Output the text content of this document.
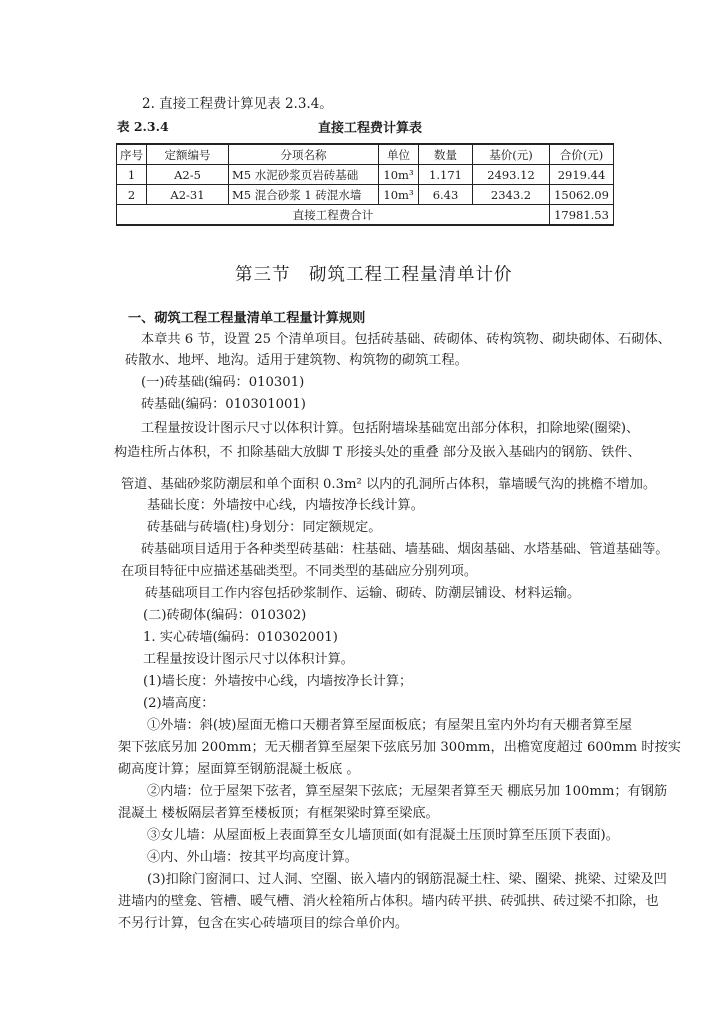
2. 直接工程费计算见表 2.3.4。
表 2.3.4	直接工程费计算表
序号	定额编号	分项名称	单位	数量	基价(元)	合价(元)
1	A2-5	M5 水泥砂浆页岩砖基础	10m³	1.171	2493.12	2919.44
2	A2-31	M5 混合砂浆 1 砖混水墙	10m³	6.43	2343.2	15062.09
直接工程费合计						17981.53
第三节　砌筑工程工程量清单计价
一、砌筑工程工程量清单工程量计算规则
本章共 6 节，设置 25 个清单项目。包括砖基础、砖砌体、砖构筑物、砌块砌体、石砌体、
砖散水、地坪、地沟。适用于建筑物、构筑物的砌筑工程。
(一)砖基础(编码：010301)
砖基础(编码：010301001)
工程量按设计图示尺寸以体积计算。包括附墙垛基础宽出部分体积，扣除地梁(圈梁)、
构造柱所占体积，不 扣除基础大放脚 T 形接头处的重叠 部分及嵌入基础内的钢筋、铁件、
管道、基础砂浆防潮层和单个面积 0.3m² 以内的孔洞所占体积，靠墙暖气沟的挑檐不增加。
基础长度：外墙按中心线，内墙按净长线计算。
砖基础与砖墙(柱)身划分：同定额规定。
砖基础项目适用于各种类型砖基础：柱基础、墙基础、烟囱基础、水塔基础、管道基础等。
在项目特征中应描述基础类型。不同类型的基础应分别列项。
砖基础项目工作内容包括砂浆制作、运输、砌砖、防潮层铺设、材料运输。
(二)砖砌体(编码：010302)
1. 实心砖墙(编码：010302001)
工程量按设计图示尺寸以体积计算。
(1)墙长度：外墙按中心线，内墙按净长计算；
(2)墙高度：
①外墙：斜(坡)屋面无檐口天棚者算至屋面板底；有屋架且室内外均有天棚者算至屋
架下弦底另加 200mm；无天棚者算至屋架下弦底另加 300mm，出檐宽度超过 600mm 时按实
砌高度计算；屋面算至钢筋混凝土板底 。
②内墙：位于屋架下弦者，算至屋架下弦底；无屋架者算至天 棚底另加 100mm；有钢筋
混凝土 楼板隔层者算至楼板顶；有框架梁时算至梁底。
③女儿墙：从屋面板上表面算至女儿墙顶面(如有混凝土压顶时算至压顶下表面)。
④内、外山墙：按其平均高度计算。
(3)扣除门窗洞口、过人洞、空圈、嵌入墙内的钢筋混凝土柱、梁、圈梁、挑梁、过梁及凹
进墙内的壁龛、管槽、暖气槽、消火栓箱所占体积。墙内砖平拱、砖弧拱、砖过梁不扣除，也
不另行计算，包含在实心砖墙项目的综合单价内。
